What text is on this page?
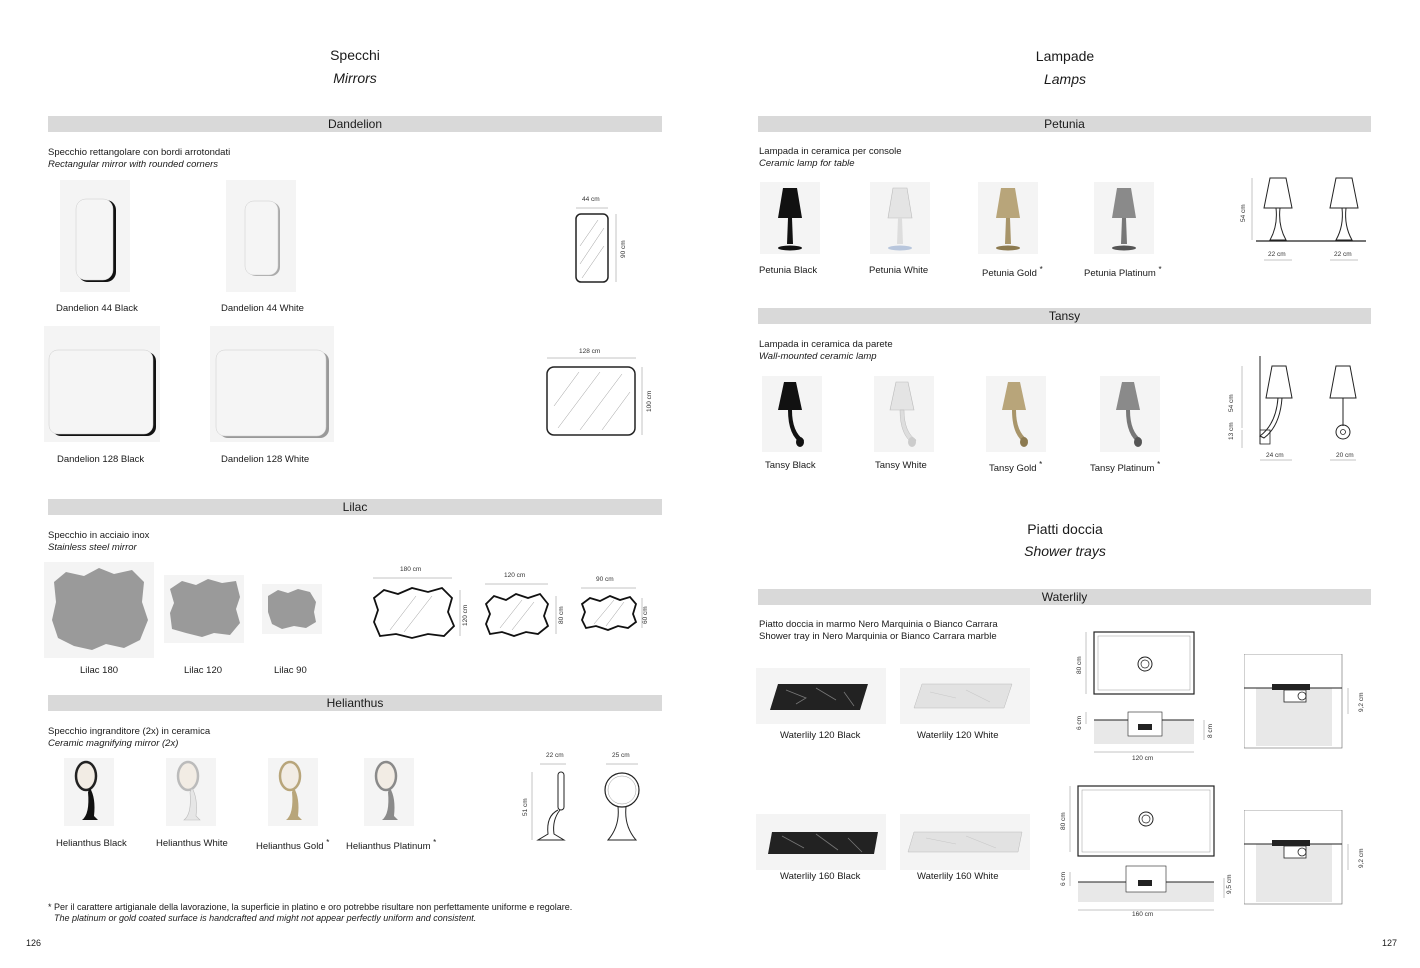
Specchi
Mirrors
Dandelion
Specchio rettangolare con bordi arrotondati
Rectangular mirror with rounded corners
Dandelion 44 Black	Dandelion 44 White
44 cm
90 cm
Dandelion 128 Black	Dandelion 128 White
128 cm
100 cm
Lilac
Specchio in acciaio inox
Stainless steel mirror
Lilac 180	Lilac 120	Lilac 90
180 cm
120 cm
120 cm
80 cm
90 cm
60 cm
Helianthus
Specchio ingranditore (2x) in ceramica
Ceramic magnifying mirror (2x)
Helianthus Black	Helianthus White	Helianthus Gold * Helianthus Platinum *
22 cm	25 cm
51 cm
* Per il carattere artigianale della lavorazione, la superficie in platino e oro potrebbe risultare non perfettamente uniforme e regolare.
The platinum or gold coated surface is handcrafted and might not appear perfectly uniform and consistent.
126
Lampade
Lamps
Petunia
Lampada in ceramica per console
Ceramic lamp for table
Petunia Black	Petunia White	Petunia Gold *	Petunia Platinum *
54 cm
22 cm	22 cm
Tansy
Lampada in ceramica da parete
Wall-mounted ceramic lamp
Tansy Black	Tansy White	Tansy Gold *	Tansy Platinum *
54 cm
13 cm
24 cm	20 cm
Piatti doccia
Shower trays
Waterlily
Piatto doccia in marmo Nero Marquinia o Bianco Carrara
Shower tray in Nero Marquinia or Bianco Carrara marble
Waterlily 120 Black	Waterlily 120 White
Waterlily 160 Black	Waterlily 160 White
80 cm
6 cm
8 cm
120 cm
9,2 cm
80 cm
6 cm	9,5 cm
160 cm
9,2 cm
127
